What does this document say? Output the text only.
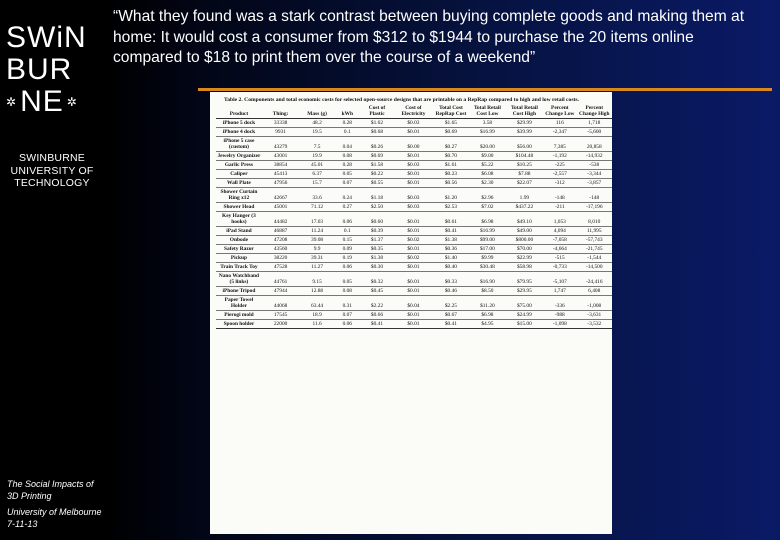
SWiN
BUR
✲ NE ✲
SWINBURNE UNIVERSITY OF TECHNOLOGY
The Social Impacts of 3D Printing
University of Melbourne 7-11-13
“What they found was a stark contrast between buying complete goods and making them at home: It would cost a consumer from $312 to $1944 to purchase the 20 items online compared to $18 to print them over the course of a weekend”
Table 2. Components and total economic costs for selected open-source designs that are printable on a RepRap compared to high and low retail costs.
Product	Thing:	Mass (g)	kWh	Cost of Plastic	Cost of Electricity	Total Cost RepRap Cost	Total Retail Cost Low	Total Retail Cost High	Percent Change Low	Percent Change High
iPhone 5 dock	33338	48.2	0.28	$1.62	$0.03	$1.65	3.58	$29.99	116	1,718
iPhone 4 dock	9931	19.5	0.1	$0.68	$0.01	$0.69	$16.99	$39.99	-2,347	-5,600
iPhone 5 case (custom)	43279	7.5	0.04	$0.26	$0.00	$0.27	$20.00	$56.00	7,385	20,858
Jewelry Organizer	43001	19.9	0.08	$0.69	$0.01	$0.70	$9.00	$104.48	-1,192	-14,932
Garlic Press	38854	45.01	0.28	$1.58	$0.03	$1.61	$5.22	$10.25	-225	-538
Caliper	45413	6.37	0.05	$0.22	$0.01	$0.23	$6.08	$7.88	-2,557	-3,344
Wall Plate	47956	15.7	0.07	$0.55	$0.01	$0.56	$2.30	$22.07	-312	-3,857
Shower Curtain Ring x12	42667	33.6	0.24	$1.18	$0.03	$1.20	$2.96	1.99	-148	-148
Shower Head	45001	71.12	0.27	$2.50	$0.03	$2.53	$7.02	$437.22	-211	-17,196
Key Hanger (3 hooks)	44482	17.03	0.06	$0.60	$0.01	$0.61	$6.98	$49.10	1,053	8,010
iPad Stand	46887	11.24	0.1	$0.39	$0.01	$0.41	$16.99	$49.00	4,094	11,995
Onbode	47208	39.08	0.15	$1.37	$0.02	$1.38	$99.00	$800.00	-7,058	-57,743
Safety Razor	43560	9.9	0.09	$0.35	$0.01	$0.36	$17.00	$70.00	-4,664	-21,745
Pickup	38220	39.31	0.19	$1.38	$0.02	$1.40	$9.99	$22.99	-515	-1,544
Train Track Toy	47528	11.27	0.06	$0.30	$0.01	$0.40	$30.48	$58.98	-0,733	-14,500
Nano Watchband (5 links)	44761	9.15	0.05	$0.32	$0.01	$0.33	$16.90	$79.95	-5,107	-24,416
iPhone Tripod	47944	12.88	0.08	$0.45	$0.01	$0.46	$8.50	$29.95	1,747	6,408
Paper Towel Holder	44068	63.44	0.31	$2.22	$0.04	$2.25	$11.20	$75.00	-336	-1,008
Pierogi mold	17545	18.9	0.07	$0.66	$0.01	$0.67	$6.98	$24.99	-988	-3,631
Spoon holder	22000	11.6	0.06	$0.41	$0.01	$0.41	$4.95	$15.00	-1,098	-3,532
